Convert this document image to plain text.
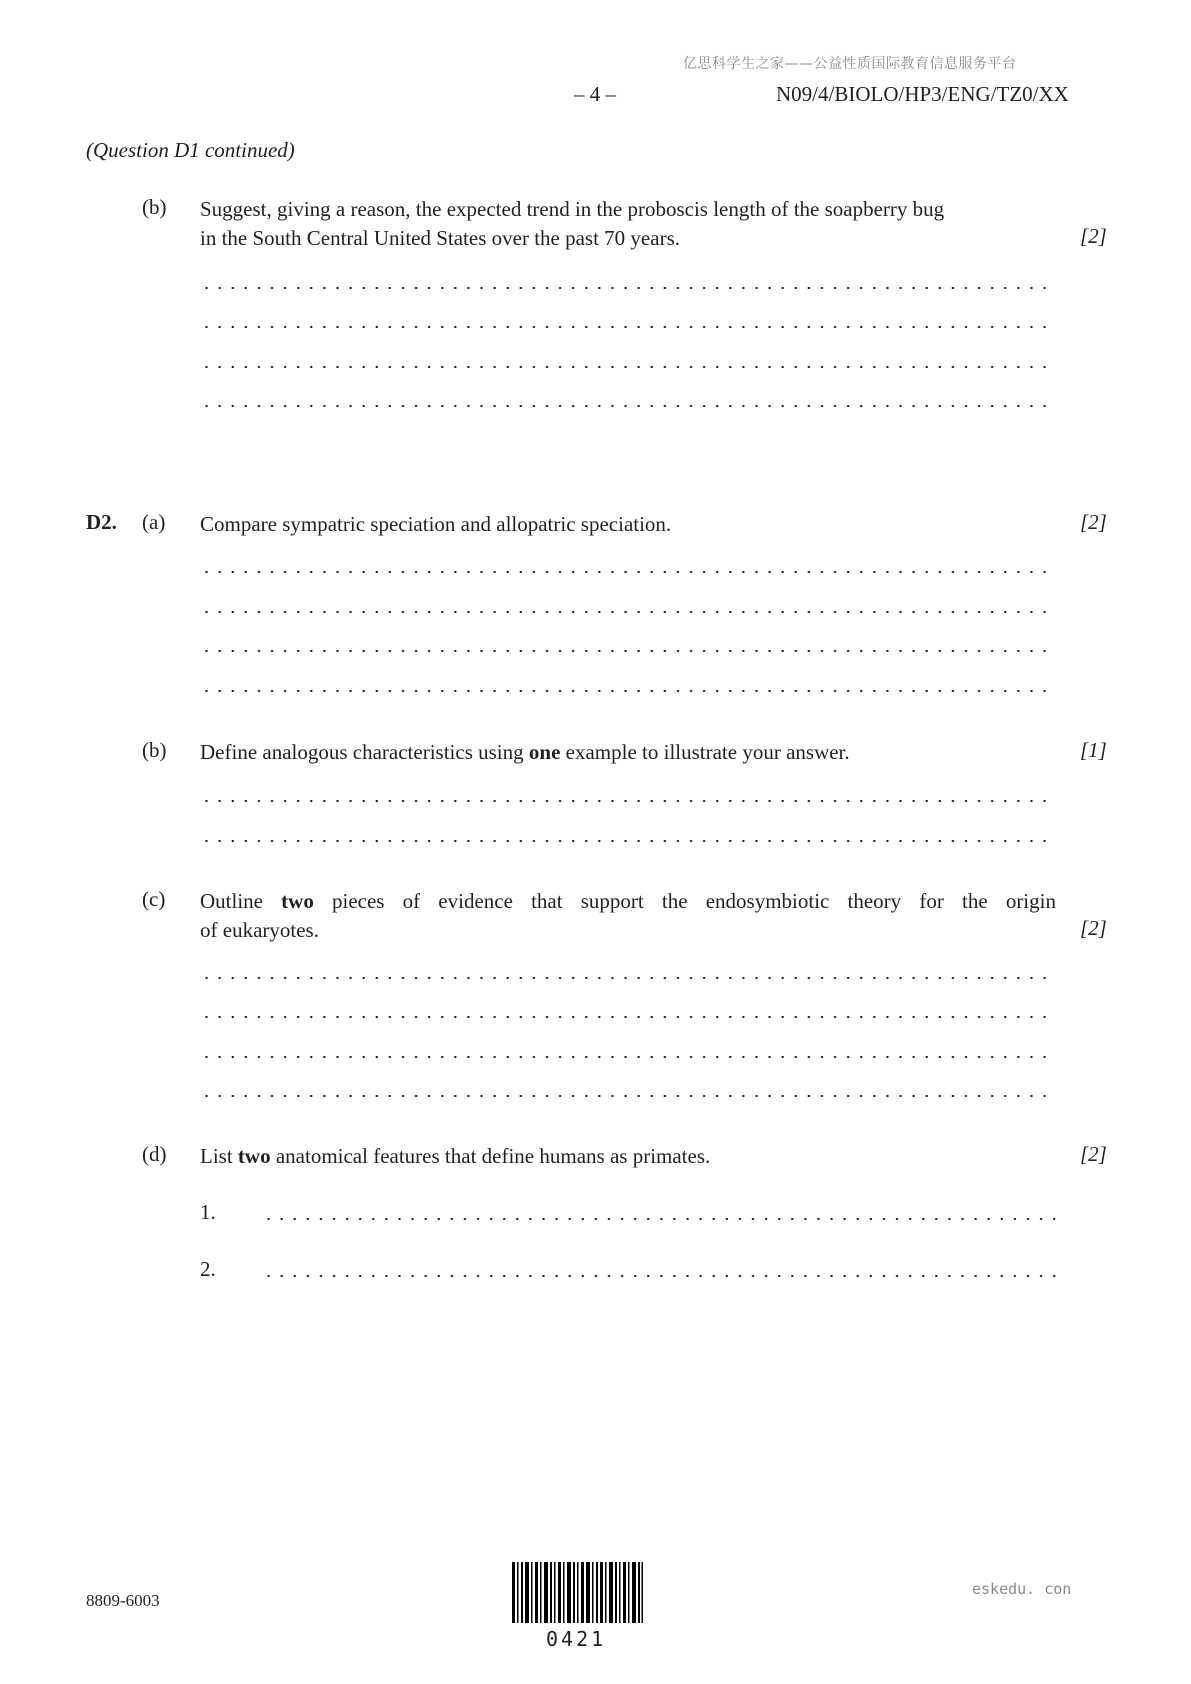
亿思科学生之家——公益性质国际教育信息服务平台
– 4 –	N09/4/BIOLO/HP3/ENG/TZ0/XX
(Question D1 continued)
(b) Suggest, giving a reason, the expected trend in the proboscis length of the soapberry bug
in the South Central United States over the past 70 years.	[2]
D2. (a) Compare sympatric speciation and allopatric speciation.	[2]
(b) Define analogous characteristics using one example to illustrate your answer.	[1]
(c) Outline two pieces of evidence that support the endosymbiotic theory for the origin
of eukaryotes.	[2]
(d) List two anatomical features that define humans as primates.	[2]
1.
2.
8809-6003
0421
eskedu. con
